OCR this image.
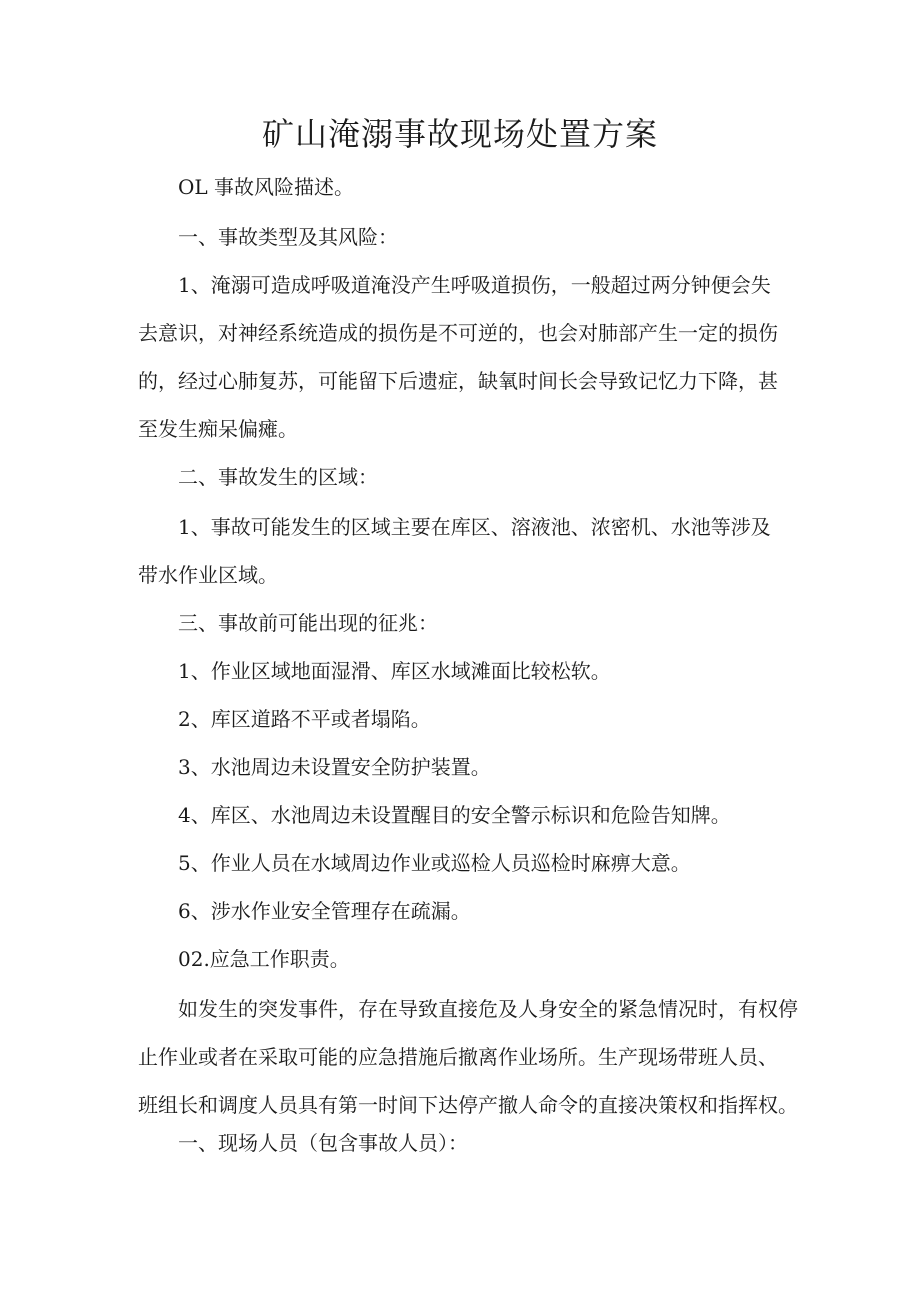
矿山淹溺事故现场处置方案

OL 事故风险描述。

一、事故类型及其风险：

1、淹溺可造成呼吸道淹没产生呼吸道损伤，一般超过两分钟便会失

去意识，对神经系统造成的损伤是不可逆的，也会对肺部产生一定的损伤

的，经过心肺复苏，可能留下后遗症，缺氧时间长会导致记忆力下降，甚

至发生痴呆偏瘫。

二、事故发生的区域：

1、事故可能发生的区域主要在库区、溶液池、浓密机、水池等涉及

带水作业区域。

三、事故前可能出现的征兆：

1、作业区域地面湿滑、库区水域滩面比较松软。

2、库区道路不平或者塌陷。

3、水池周边未设置安全防护装置。

4、库区、水池周边未设置醒目的安全警示标识和危险告知牌。

5、作业人员在水域周边作业或巡检人员巡检时麻痹大意。

6、涉水作业安全管理存在疏漏。

02.应急工作职责。

如发生的突发事件，存在导致直接危及人身安全的紧急情况时，有权停

止作业或者在采取可能的应急措施后撤离作业场所。生产现场带班人员、

班组长和调度人员具有第一时间下达停产撤人命令的直接决策权和指挥权。

一、现场人员（包含事故人员）：
